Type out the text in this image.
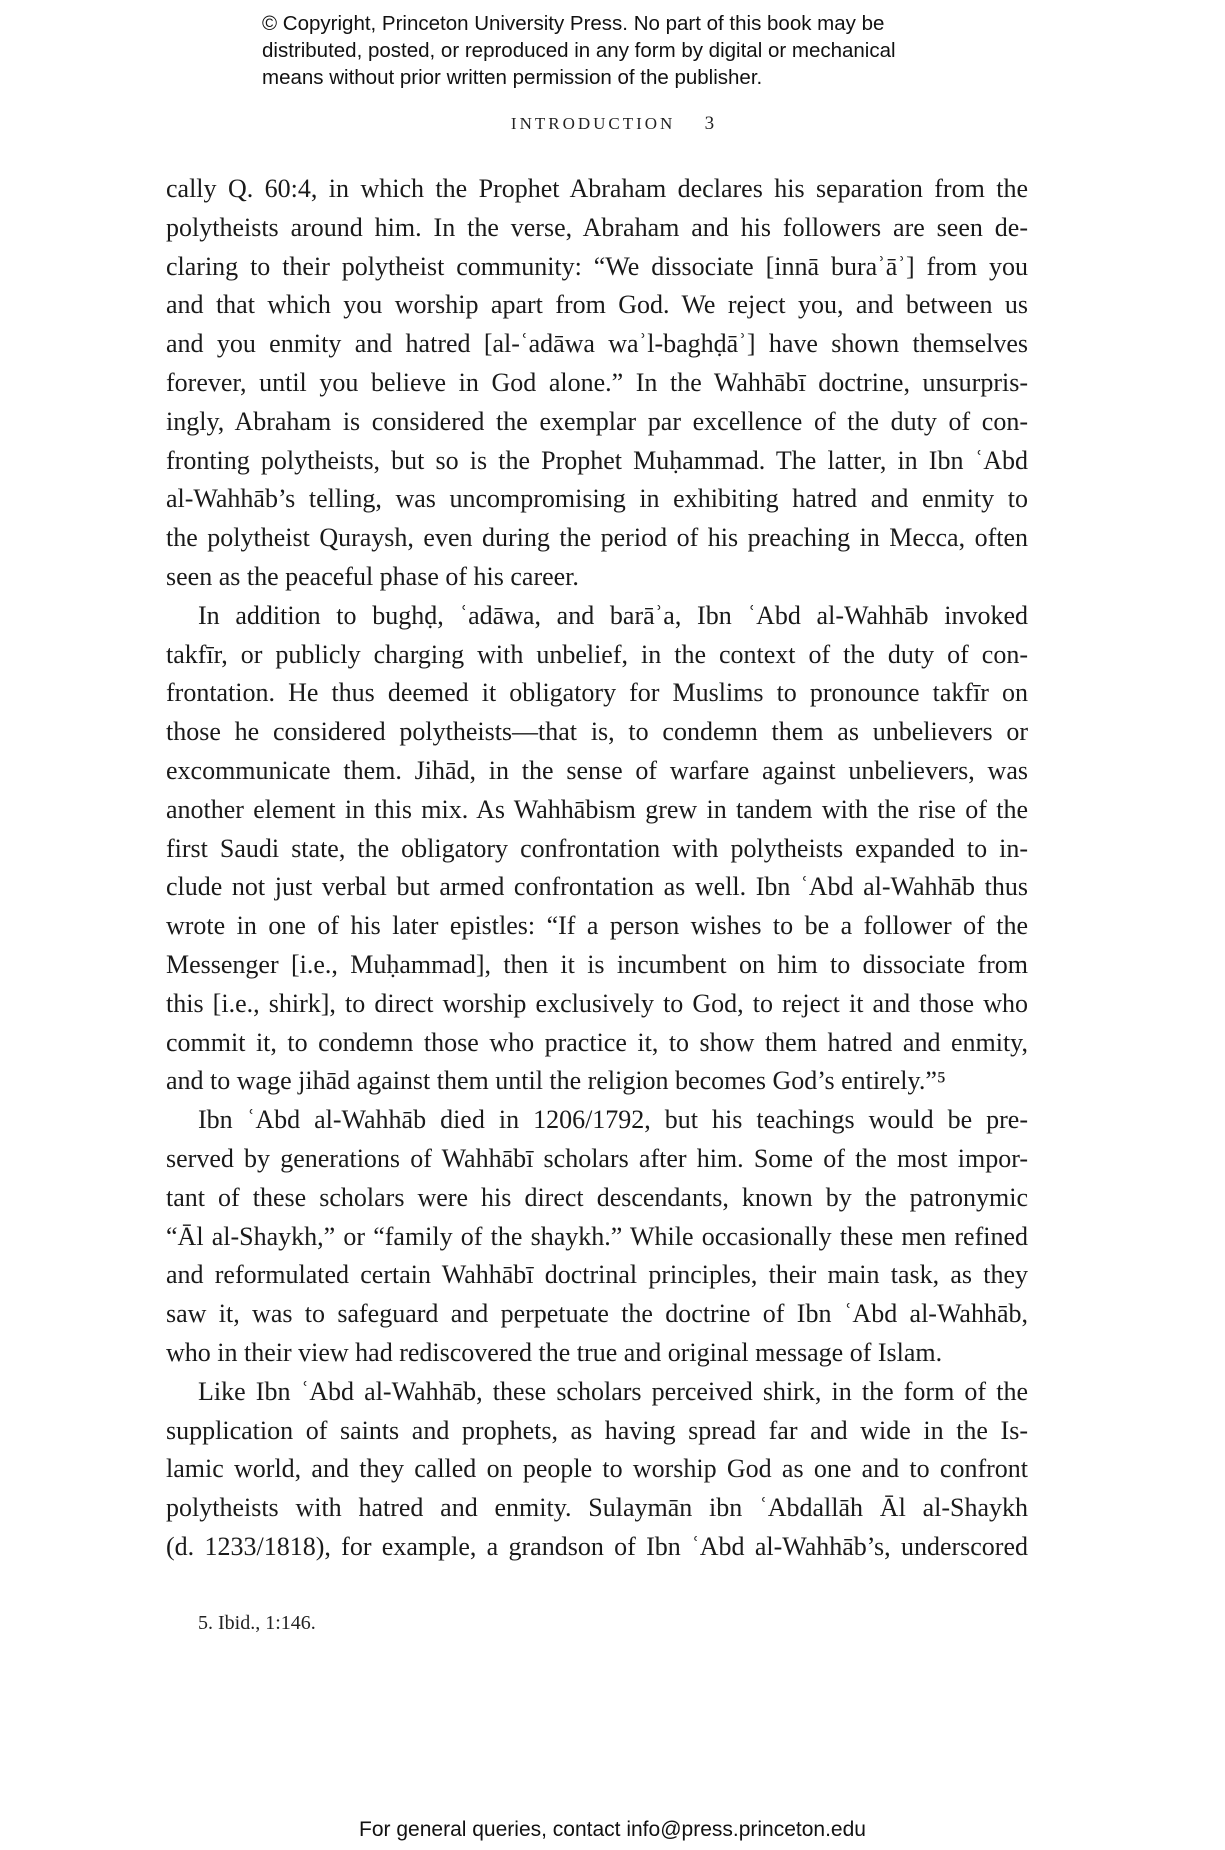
© Copyright, Princeton University Press. No part of this book may be
distributed, posted, or reproduced in any form by digital or mechanical
means without prior written permission of the publisher.
INTRODUCTION 3
cally Q. 60:4, in which the Prophet Abraham declares his separation from the
polytheists around him. In the verse, Abraham and his followers are seen de-
claring to their polytheist community: “We dissociate [innā buraʾāʾ] from you
and that which you worship apart from God. We reject you, and between us
and you enmity and hatred [al-ʿadāwa waʾl-baghḍāʾ] have shown themselves
forever, until you believe in God alone.” In the Wahhābī doctrine, unsurpris-
ingly, Abraham is considered the exemplar par excellence of the duty of con-
fronting polytheists, but so is the Prophet Muḥammad. The latter, in Ibn ʿAbd
al-Wahhāb’s telling, was uncompromising in exhibiting hatred and enmity to
the polytheist Quraysh, even during the period of his preaching in Mecca, often
seen as the peaceful phase of his career.
In addition to bughḍ, ʿadāwa, and barāʾa, Ibn ʿAbd al-Wahhāb invoked
takfīr, or publicly charging with unbelief, in the context of the duty of con-
frontation. He thus deemed it obligatory for Muslims to pronounce takfīr on
those he considered polytheists—that is, to condemn them as unbelievers or
excommunicate them. Jihād, in the sense of warfare against unbelievers, was
another element in this mix. As Wahhābism grew in tandem with the rise of the
first Saudi state, the obligatory confrontation with polytheists expanded to in-
clude not just verbal but armed confrontation as well. Ibn ʿAbd al-Wahhāb thus
wrote in one of his later epistles: “If a person wishes to be a follower of the
Messenger [i.e., Muḥammad], then it is incumbent on him to dissociate from
this [i.e., shirk], to direct worship exclusively to God, to reject it and those who
commit it, to condemn those who practice it, to show them hatred and enmity,
and to wage jihād against them until the religion becomes God’s entirely.”⁵
Ibn ʿAbd al-Wahhāb died in 1206/1792, but his teachings would be pre-
served by generations of Wahhābī scholars after him. Some of the most impor-
tant of these scholars were his direct descendants, known by the patronymic
“Āl al-Shaykh,” or “family of the shaykh.” While occasionally these men refined
and reformulated certain Wahhābī doctrinal principles, their main task, as they
saw it, was to safeguard and perpetuate the doctrine of Ibn ʿAbd al-Wahhāb,
who in their view had rediscovered the true and original message of Islam.
Like Ibn ʿAbd al-Wahhāb, these scholars perceived shirk, in the form of the
supplication of saints and prophets, as having spread far and wide in the Is-
lamic world, and they called on people to worship God as one and to confront
polytheists with hatred and enmity. Sulaymān ibn ʿAbdallāh Āl al-Shaykh
(d. 1233/1818), for example, a grandson of Ibn ʿAbd al-Wahhāb’s, underscored
5. Ibid., 1:146.
For general queries, contact info@press.princeton.edu
